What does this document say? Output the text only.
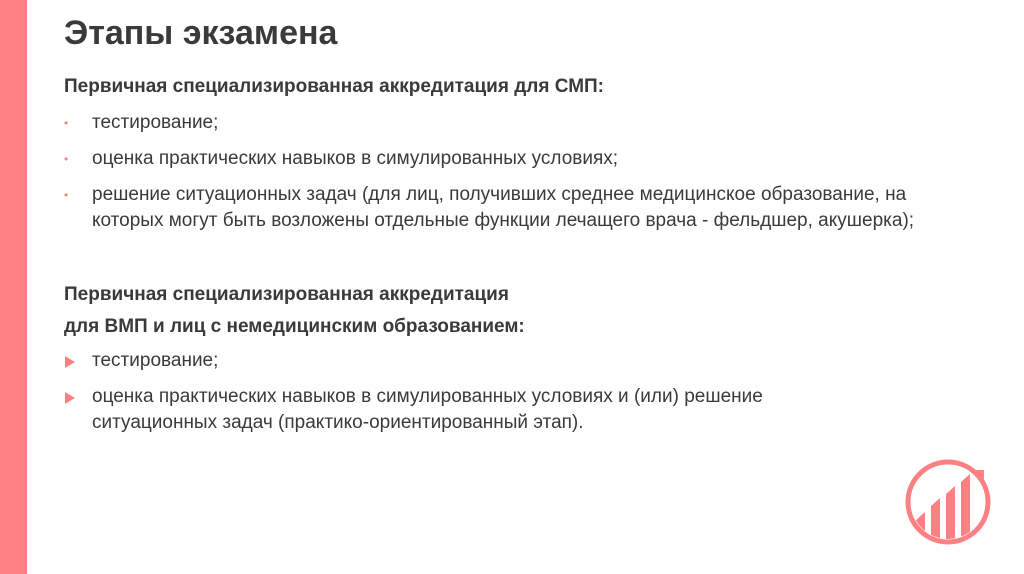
Этапы экзамена

Первичная специализированная аккредитация для СМП:

• тестирование;
• оценка практических навыков в симулированных условиях;
• решение ситуационных задач (для лиц, получивших среднее медицинское образование, на которых могут быть возложены отдельные функции лечащего врача - фельдшер, акушерка);

Первичная специализированная аккредитация

для ВМП и лиц с немедицинским образованием:

тестирование;
оценка практических навыков в симулированных условиях и (или) решение ситуационных задач (практико-ориентированный этап).
